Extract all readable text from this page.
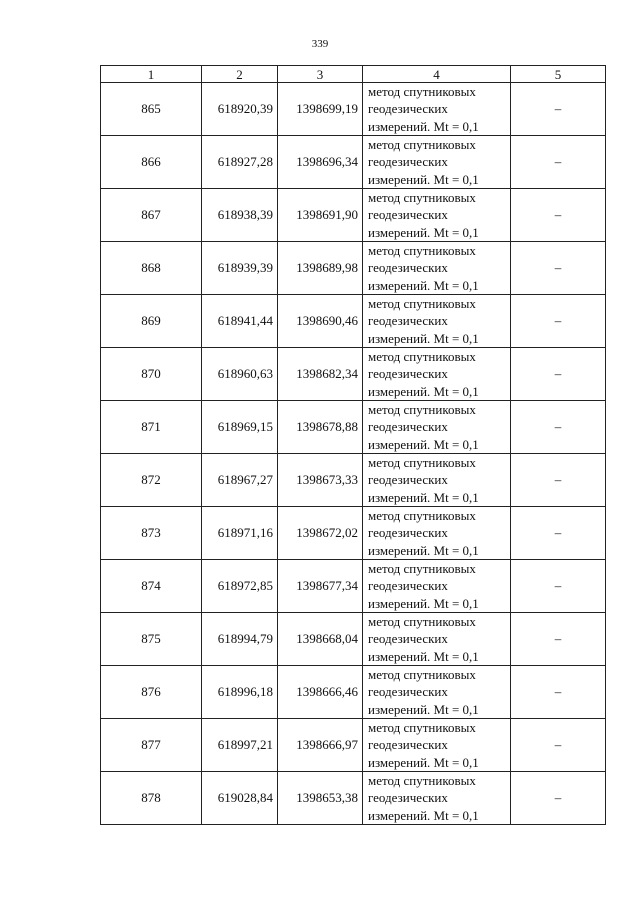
339
1	2	3	4	5
865	618920,39	1398699,19	метод спутниковых
геодезических
измерений. Mt = 0,1	–
866	618927,28	1398696,34	метод спутниковых
геодезических
измерений. Mt = 0,1	–
867	618938,39	1398691,90	метод спутниковых
геодезических
измерений. Mt = 0,1	–
868	618939,39	1398689,98	метод спутниковых
геодезических
измерений. Mt = 0,1	–
869	618941,44	1398690,46	метод спутниковых
геодезических
измерений. Mt = 0,1	–
870	618960,63	1398682,34	метод спутниковых
геодезических
измерений. Mt = 0,1	–
871	618969,15	1398678,88	метод спутниковых
геодезических
измерений. Mt = 0,1	–
872	618967,27	1398673,33	метод спутниковых
геодезических
измерений. Mt = 0,1	–
873	618971,16	1398672,02	метод спутниковых
геодезических
измерений. Mt = 0,1	–
874	618972,85	1398677,34	метод спутниковых
геодезических
измерений. Mt = 0,1	–
875	618994,79	1398668,04	метод спутниковых
геодезических
измерений. Mt = 0,1	–
876	618996,18	1398666,46	метод спутниковых
геодезических
измерений. Mt = 0,1	–
877	618997,21	1398666,97	метод спутниковых
геодезических
измерений. Mt = 0,1	–
878	619028,84	1398653,38	метод спутниковых
геодезических
измерений. Mt = 0,1	–
